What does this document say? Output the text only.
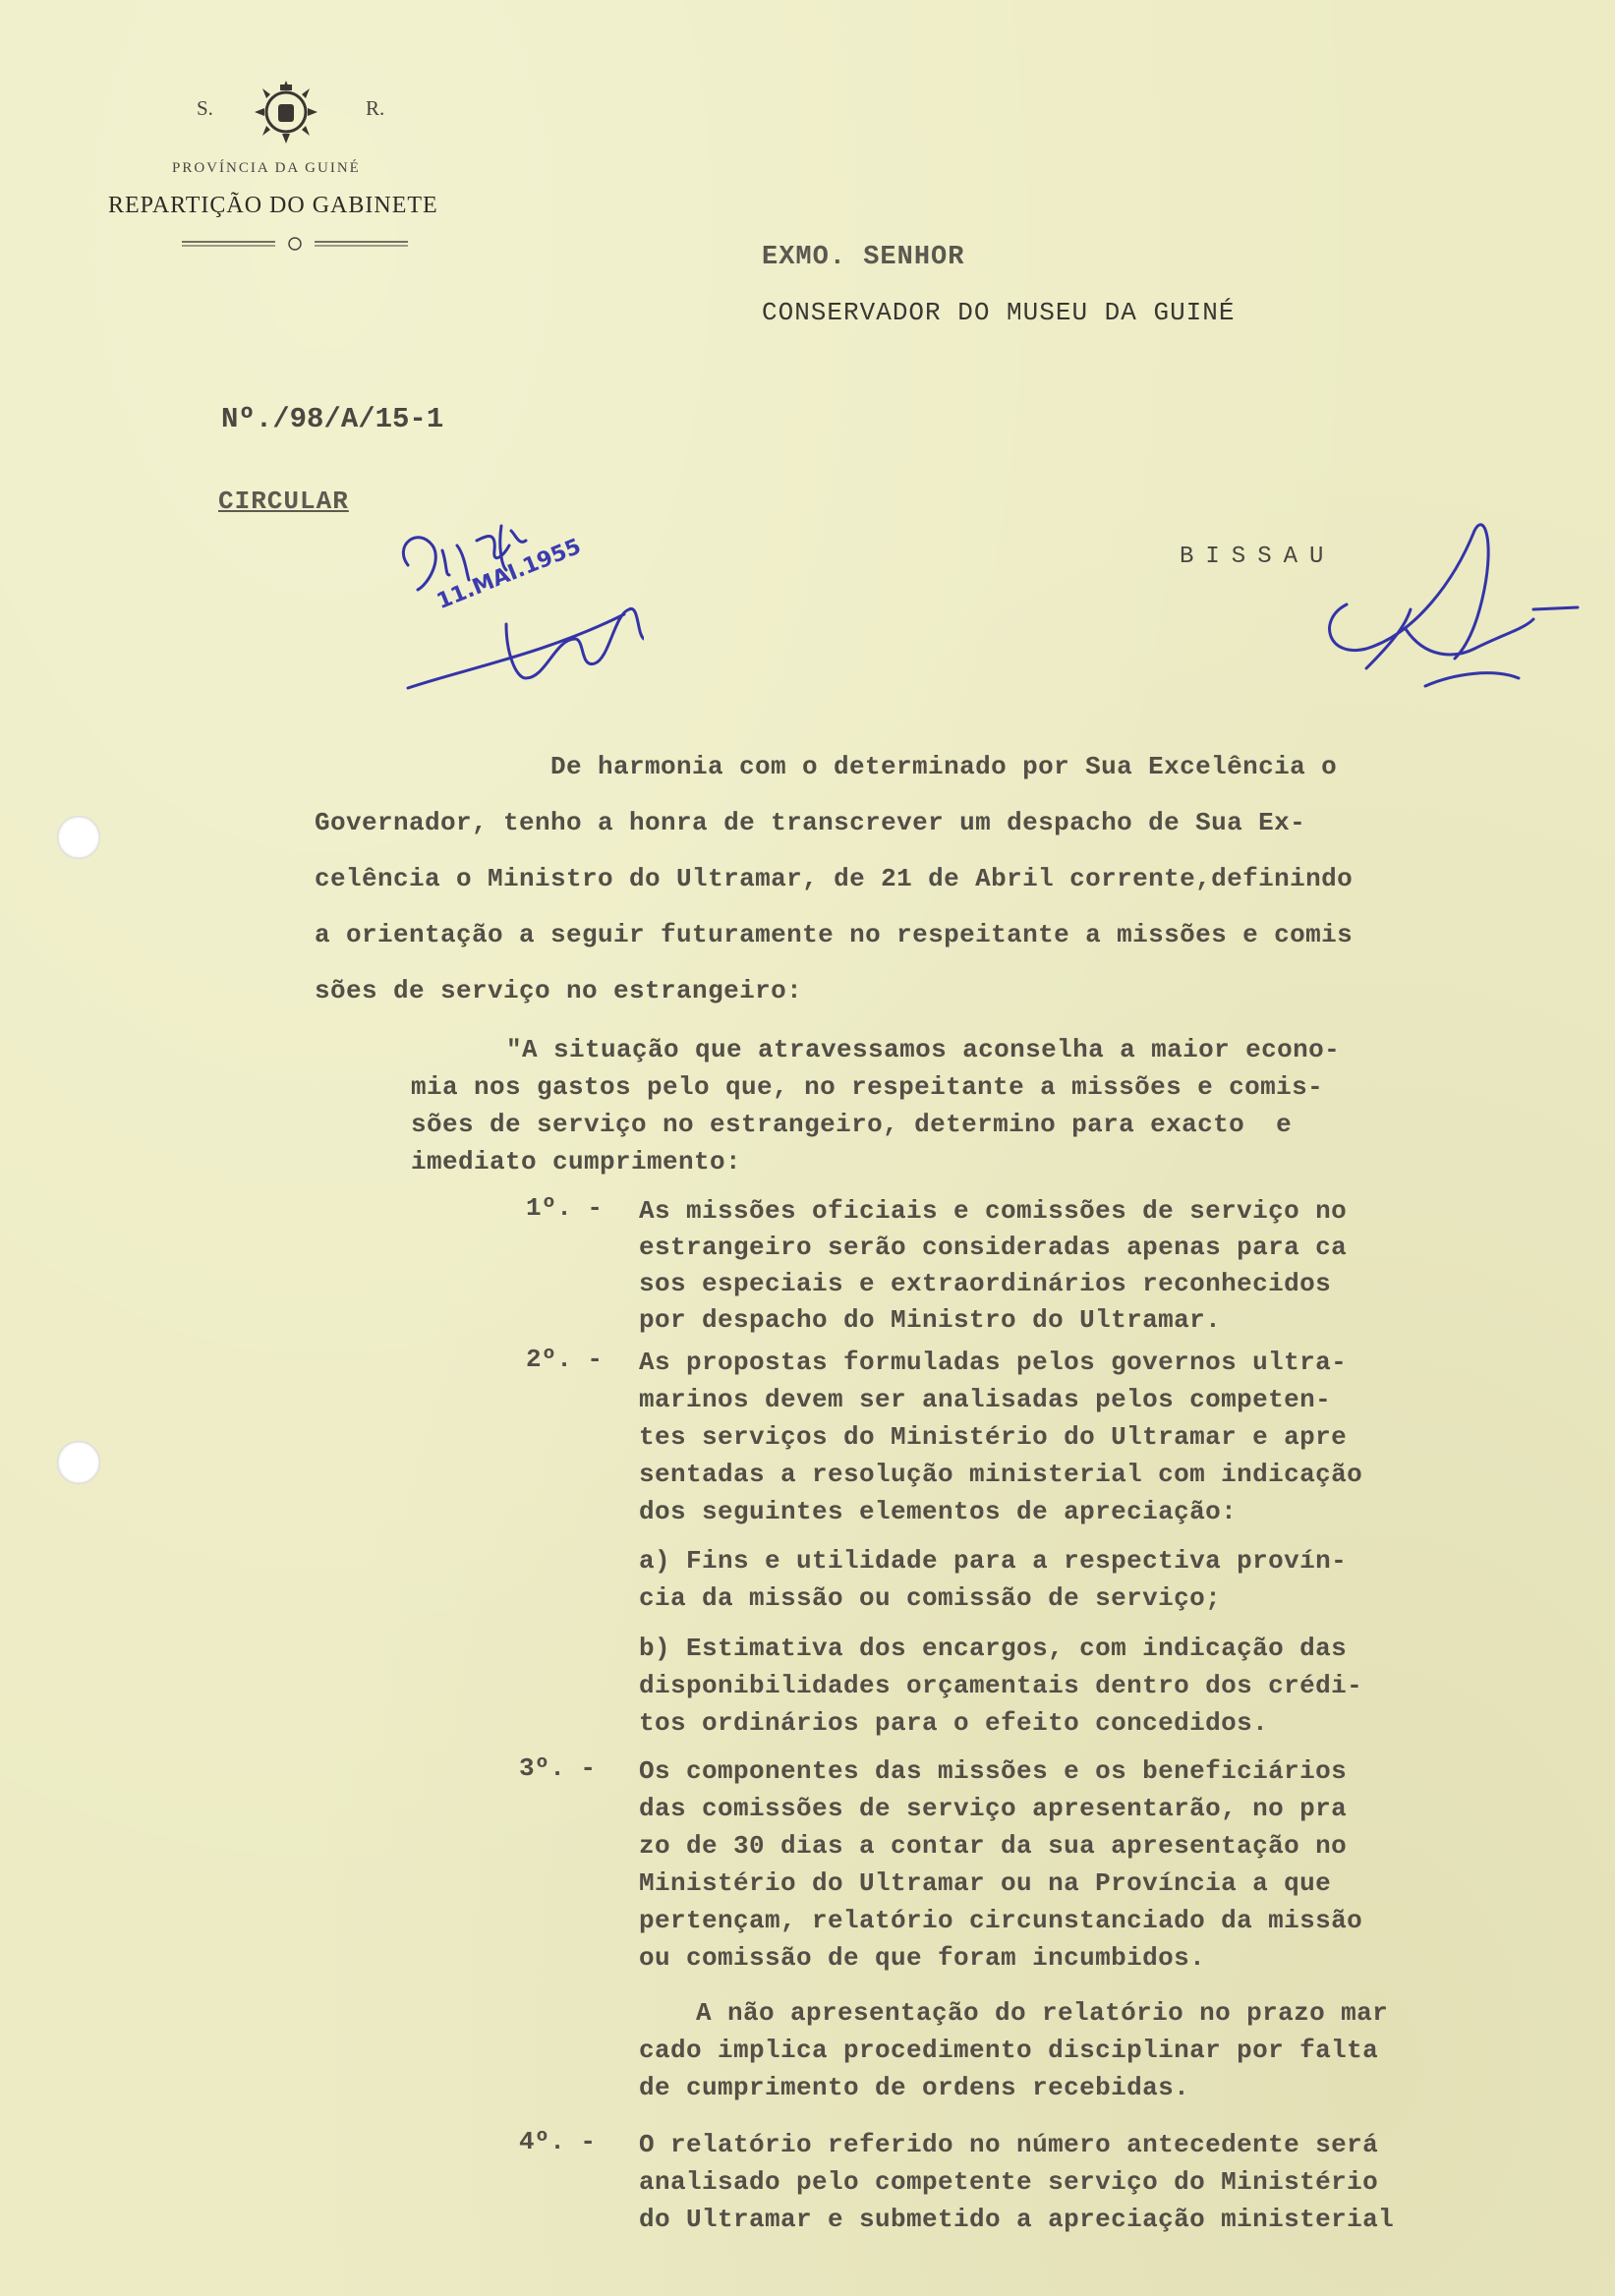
S.	R.
PROVÍNCIA DA GUINÉ
REPARTIÇÃO DO GABINETE
EXMO. SENHOR
CONSERVADOR DO MUSEU DA GUINÉ
Nº./98/A/15-1
CIRCULAR
BISSAU
11.MAI.1955
De harmonia com o determinado por Sua Excelência o
Governador, tenho a honra de transcrever um despacho de Sua Ex-
celência o Ministro do Ultramar, de 21 de Abril corrente,definindo
a orientação a seguir futuramente no respeitante a missões e comis
sões de serviço no estrangeiro:
"A situação que atravessamos aconselha a maior econo-
mia nos gastos pelo que, no respeitante a missões e comis-
sões de serviço no estrangeiro, determino para exacto  e
imediato cumprimento:
1º. - As missões oficiais e comissões de serviço no
estrangeiro serão consideradas apenas para ca
sos especiais e extraordinários reconhecidos
por despacho do Ministro do Ultramar.
2º. - As propostas formuladas pelos governos ultra-
marinos devem ser analisadas pelos competen-
tes serviços do Ministério do Ultramar e apre
sentadas a resolução ministerial com indicação
dos seguintes elementos de apreciação:
a) Fins e utilidade para a respectiva provín-
cia da missão ou comissão de serviço;
b) Estimativa dos encargos, com indicação das
disponibilidades orçamentais dentro dos crédi-
tos ordinários para o efeito concedidos.
3º. - Os componentes das missões e os beneficiários
das comissões de serviço apresentarão, no pra
zo de 30 dias a contar da sua apresentação no
Ministério do Ultramar ou na Província a que
pertençam, relatório circunstanciado da missão
ou comissão de que foram incumbidos.
A não apresentação do relatório no prazo mar
cado implica procedimento disciplinar por falta
de cumprimento de ordens recebidas.
4º. - O relatório referido no número antecedente será
analisado pelo competente serviço do Ministério
do Ultramar e submetido a apreciação ministerial
